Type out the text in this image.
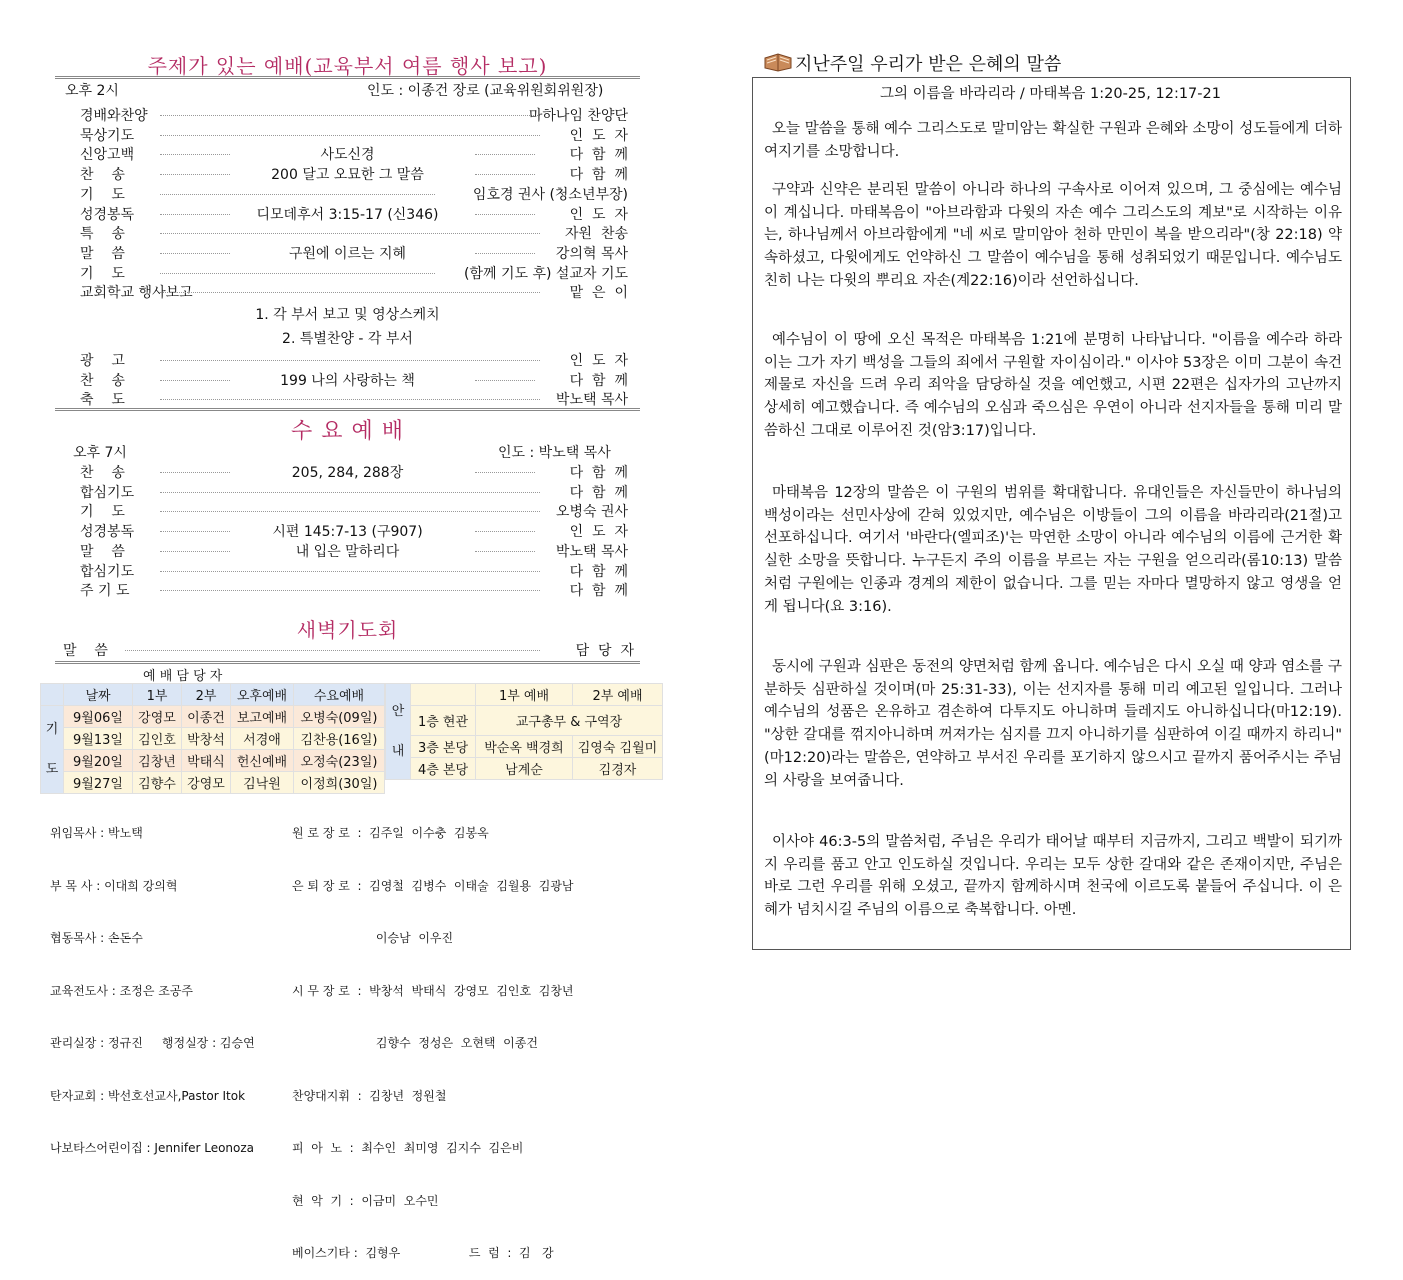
주제가 있는 예배(교육부서 여름 행사 보고)
오후 2시	인도 : 이종건 장로 (교육위원회위원장)
경배와찬양	마하나임 찬양단
묵상기도	인  도  자
신앙고백	사도신경	다  함  께
찬    송	200 달고 오묘한 그 말씀	다  함  께
기    도	임호경 권사 (청소년부장)
성경봉독	디모데후서 3:15-17 (신346)	인  도  자
특    송	자원  찬송
말    씀	구원에 이르는 지혜	강의혁 목사
기    도	(함께 기도 후) 설교자 기도
교회학교 행사보고	맡  은  이
1. 각 부서 보고 및 영상스케치
2. 특별찬양 - 각 부서
광    고	인  도  자
찬    송	199 나의 사랑하는 책	다  함  께
축    도	박노택 목사
수 요 예 배
오후 7시	인도 : 박노택 목사
찬    송	205, 284, 288장	다  함  께
합심기도	다  함  께
기    도	오병숙 권사
성경봉독	시편 145:7-13 (구907)	인  도  자
말    씀	내 입은 말하리다	박노택 목사
합심기도	다  함  께
주 기 도	다  함  께
새벽기도회
말    씀	담  당  자
예 배 담 당 자
	날짜	1부	2부	오후예배	수요예배
기

도	9월06일	강영모	이종건	보고예배	오병숙(09일)
	9월13일	김인호	박창석	서경애	김찬용(16일)
	9월20일	김창년	박태식	헌신예배	오정숙(23일)
	9월27일	김향수	강영모	김낙원	이정희(30일)
안

내		1부 예배	2부 예배
	1층 현관	교구총무 & 구역장	
	3층 본당	박순옥 백경희	김영숙 김월미
	4층 본당	남계순	김경자

위임목사 : 박노택

부 목 사 : 이대희 강의혁

협동목사 : 손돈수

교육전도사 : 조정은 조공주

관리실장 : 정규진     행정실장 : 김승연

탄자교회 : 박선호선교사,Pastor Itok

나보타스어린이집 : Jennifer Leonoza

원 로 장 로  :  김주일  이수충  김봉옥

은 퇴 장 로  :  김영철  김병수  이태술  김월용  김광남

이승남  이우진

시 무 장 로  :  박창석  박태식  강영모  김인호  김창년

김향수  정성은  오현택  이종건

찬양대지휘  :  김창년  정원철

피  아  노  :  최수인  최미영  김지수  김은비

현  악  기  :  이금미  오수민

베이스기타 :  김형우                  드  럼  :  김   강

지난주일 우리가 받은 은혜의 말씀
그의 이름을 바라리라 / 마태복음 1:20-25, 12:17-21
오늘 말씀을 통해 예수 그리스도로 말미암는 확실한 구원과 은혜와 소망이 성도들에게 더하여지기를 소망합니다.
구약과 신약은 분리된 말씀이 아니라 하나의 구속사로 이어져 있으며, 그 중심에는 예수님이 계십니다. 마태복음이 "아브라함과 다윗의 자손 예수 그리스도의 계보"로 시작하는 이유는, 하나님께서 아브라함에게 "네 씨로 말미암아 천하 만민이 복을 받으리라"(창 22:18) 약속하셨고, 다윗에게도 언약하신 그 말씀이 예수님을 통해 성취되었기 때문입니다. 예수님도 친히 나는 다윗의 뿌리요 자손(계22:16)이라 선언하십니다.
예수님이 이 땅에 오신 목적은 마태복음 1:21에 분명히 나타납니다. "이름을 예수라 하라 이는 그가 자기 백성을 그들의 죄에서 구원할 자이심이라." 이사야 53장은 이미 그분이 속건 제물로 자신을 드려 우리 죄악을 담당하실 것을 예언했고, 시편 22편은 십자가의 고난까지 상세히 예고했습니다. 즉 예수님의 오심과 죽으심은 우연이 아니라 선지자들을 통해 미리 말씀하신 그대로 이루어진 것(암3:17)입니다.
마태복음 12장의 말씀은 이 구원의 범위를 확대합니다. 유대인들은 자신들만이 하나님의 백성이라는 선민사상에 갇혀 있었지만, 예수님은 이방들이 그의 이름을 바라리라(21절)고 선포하십니다. 여기서 '바란다(엘피조)'는 막연한 소망이 아니라 예수님의 이름에 근거한 확실한 소망을 뜻합니다. 누구든지 주의 이름을 부르는 자는 구원을 얻으리라(롬10:13) 말씀처럼 구원에는 인종과 경계의 제한이 없습니다. 그를 믿는 자마다 멸망하지 않고 영생을 얻게 됩니다(요 3:16).
동시에 구원과 심판은 동전의 양면처럼 함께 옵니다. 예수님은 다시 오실 때 양과 염소를 구분하듯 심판하실 것이며(마 25:31-33), 이는 선지자를 통해 미리 예고된 일입니다. 그러나 예수님의 성품은 온유하고 겸손하여 다투지도 아니하며 들레지도 아니하십니다(마12:19). "상한 갈대를 꺾지아니하며 꺼져가는 심지를 끄지 아니하기를 심판하여 이길 때까지 하리니"(마12:20)라는 말씀은, 연약하고 부서진 우리를 포기하지 않으시고 끝까지 품어주시는 주님의 사랑을 보여줍니다.
이사야 46:3-5의 말씀처럼, 주님은 우리가 태어날 때부터 지금까지, 그리고 백발이 되기까지 우리를 품고 안고 인도하실 것입니다. 우리는 모두 상한 갈대와 같은 존재이지만, 주님은 바로 그런 우리를 위해 오셨고, 끝까지 함께하시며 천국에 이르도록 붙들어 주십니다. 이 은혜가 넘치시길 주님의 이름으로 축복합니다. 아멘.
